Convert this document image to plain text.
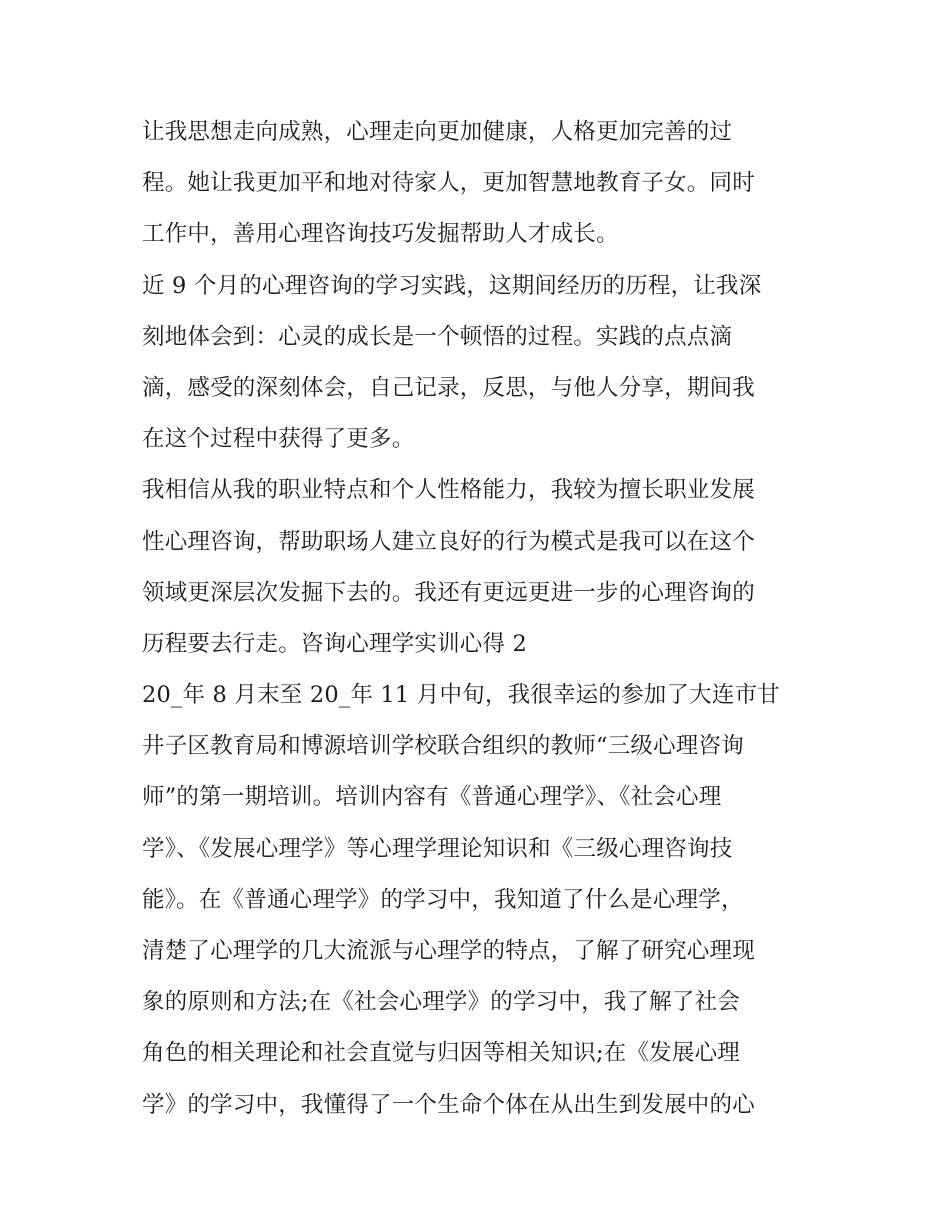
让我思想走向成熟，心理走向更加健康，人格更加完善的过
程。她让我更加平和地对待家人，更加智慧地教育子女。同时
工作中，善用心理咨询技巧发掘帮助人才成长。
近 9 个月的心理咨询的学习实践，这期间经历的历程，让我深
刻地体会到：心灵的成长是一个顿悟的过程。实践的点点滴
滴，感受的深刻体会，自己记录，反思，与他人分享，期间我
在这个过程中获得了更多。
我相信从我的职业特点和个人性格能力，我较为擅长职业发展
性心理咨询，帮助职场人建立良好的行为模式是我可以在这个
领域更深层次发掘下去的。我还有更远更进一步的心理咨询的
历程要去行走。咨询心理学实训心得 2
20_年 8 月末至 20_年 11 月中旬，我很幸运的参加了大连市甘
井子区教育局和博源培训学校联合组织的教师“三级心理咨询
师”的第一期培训。培训内容有《普通心理学》、《社会心理
学》、《发展心理学》等心理学理论知识和《三级心理咨询技
能》。在《普通心理学》的学习中，我知道了什么是心理学，
清楚了心理学的几大流派与心理学的特点，了解了研究心理现
象的原则和方法;在《社会心理学》的学习中，我了解了社会
角色的相关理论和社会直觉与归因等相关知识;在《发展心理
学》的学习中，我懂得了一个生命个体在从出生到发展中的心
